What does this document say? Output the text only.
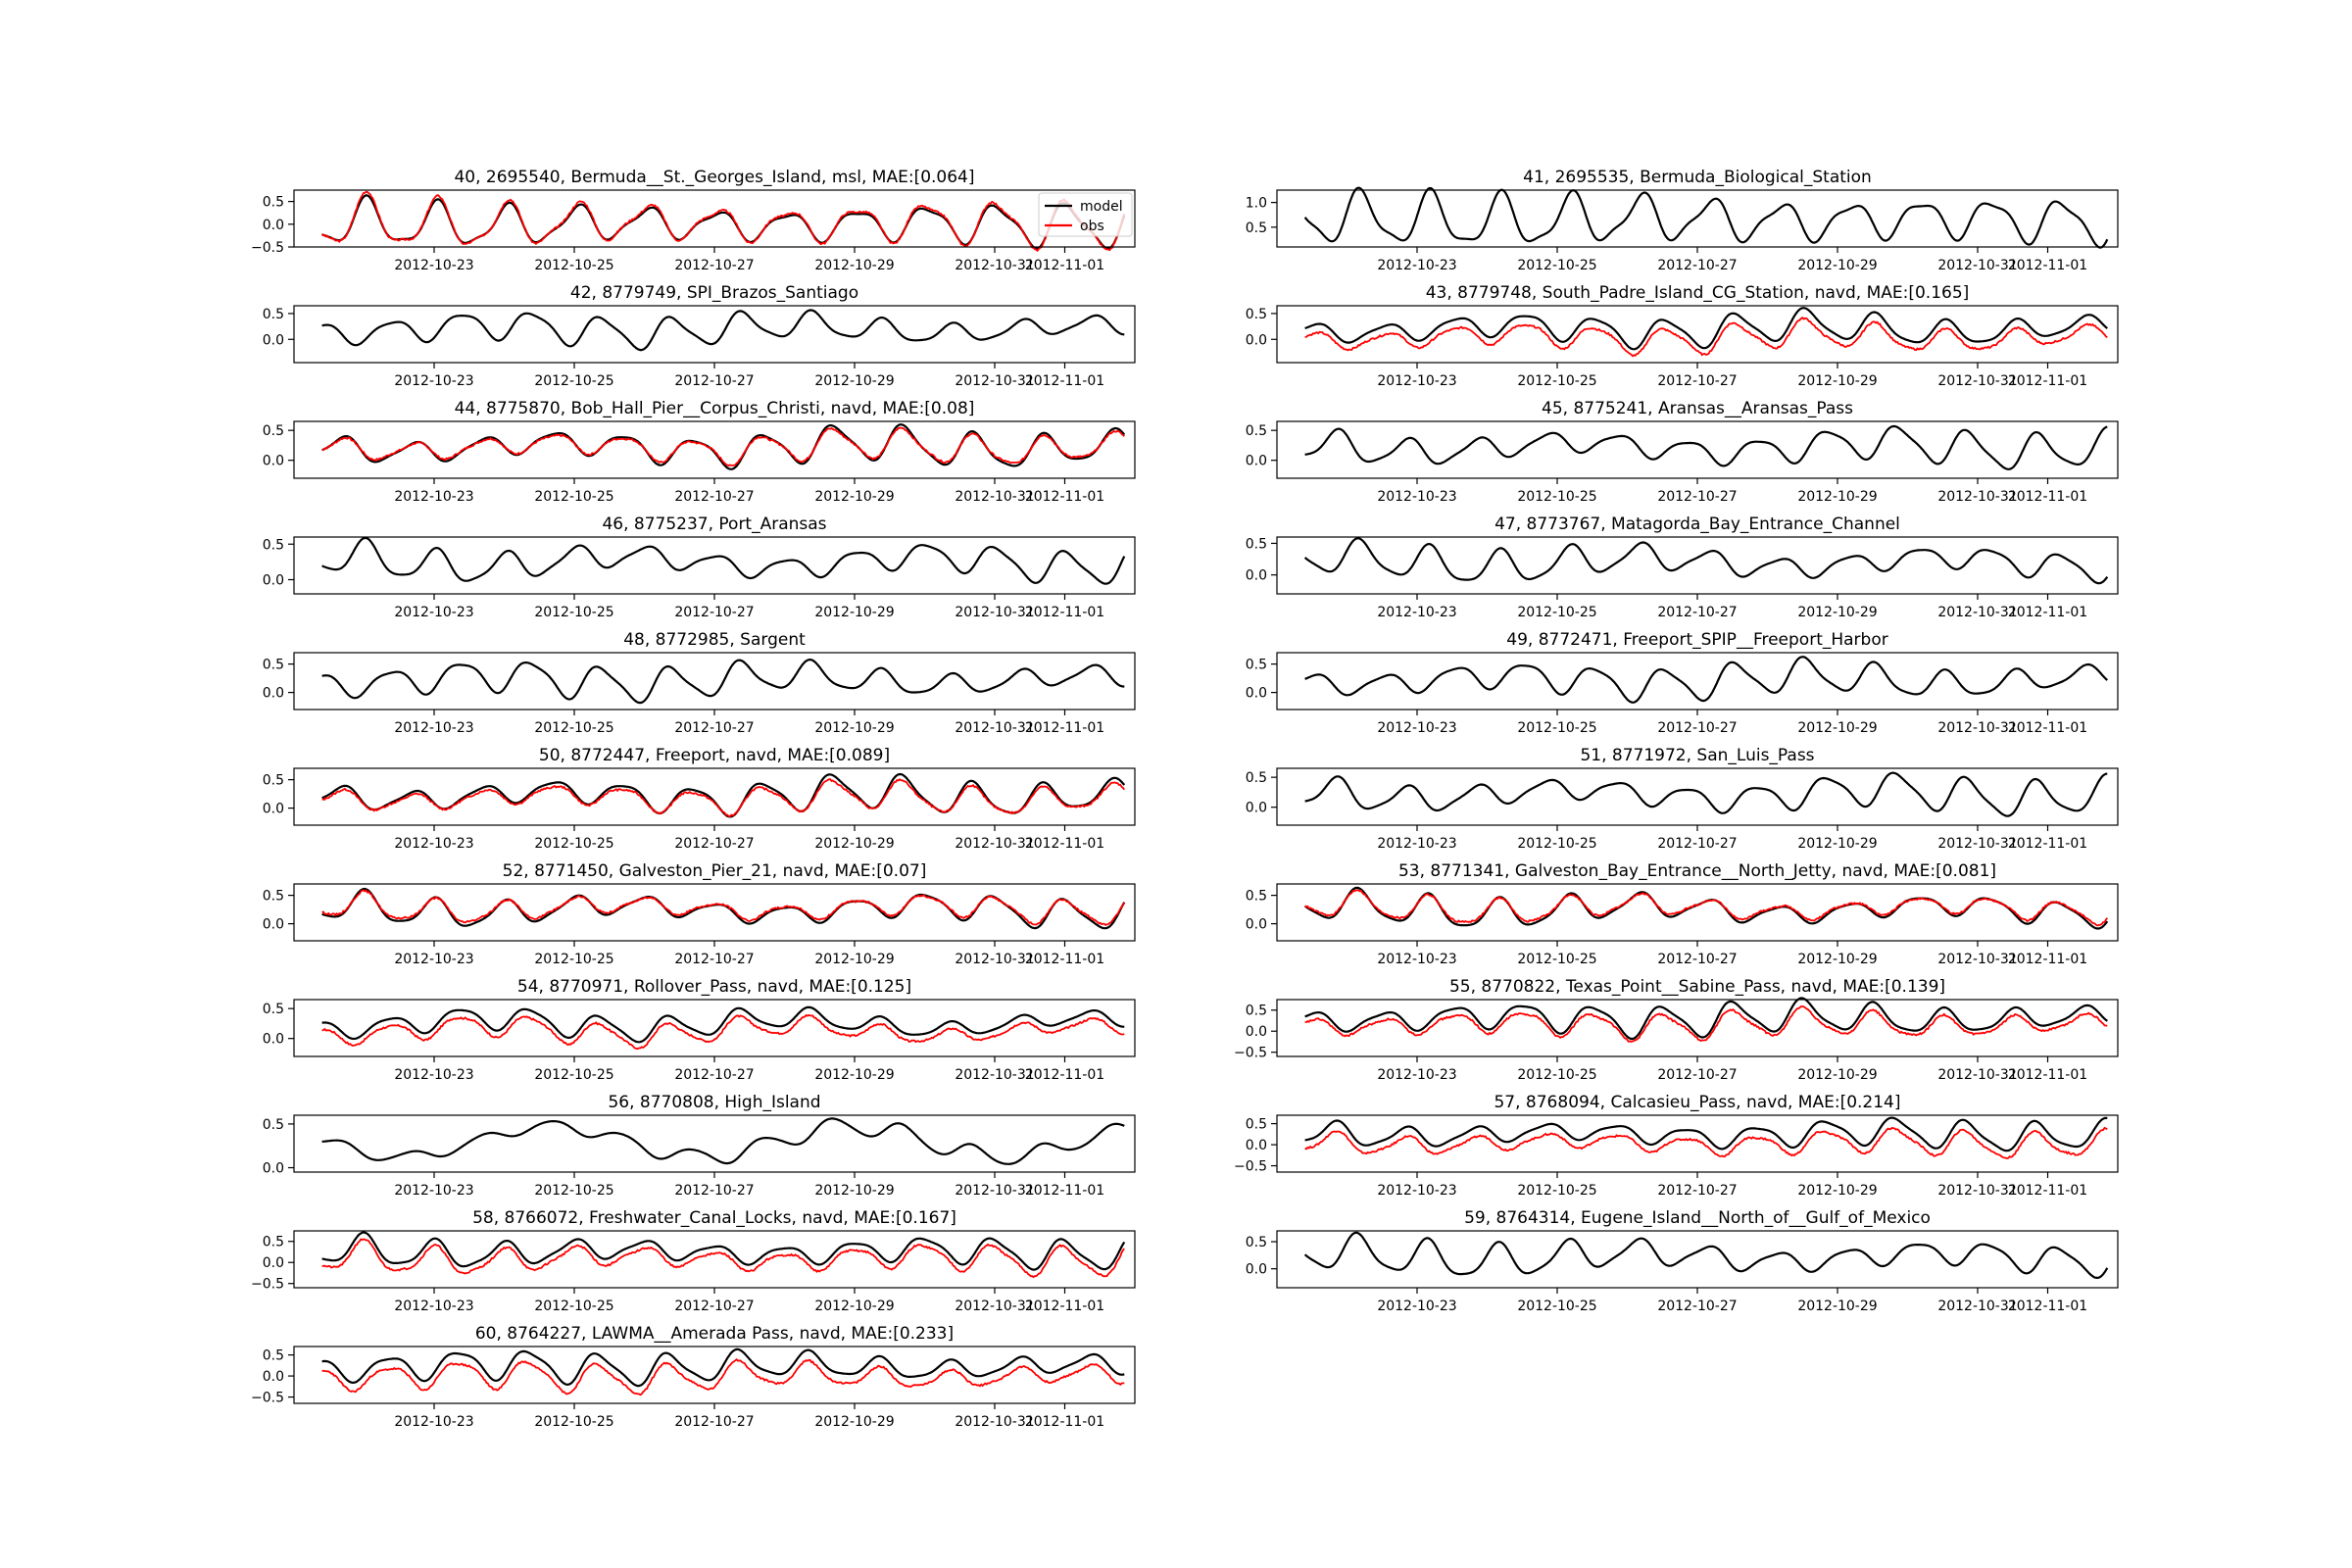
40, 2695540, Bermuda__St._Georges_Island, msl, MAE:[0.064]
0.5
0.0
−0.5
2012-10-23	2012-10-25	2012-10-27	2012-10-29	2012-10-31
2012-11-01
model
obs
41, 2695535, Bermuda_Biological_Station
1.0
0.5
2012-10-23	2012-10-25	2012-10-27	2012-10-29	2012-10-31
2012-11-01
42, 8779749, SPI_Brazos_Santiago
0.5
0.0
2012-10-23	2012-10-25	2012-10-27	2012-10-29	2012-10-31
2012-11-01
43, 8779748, South_Padre_Island_CG_Station, navd, MAE:[0.165]
0.5
0.0
2012-10-23	2012-10-25	2012-10-27	2012-10-29	2012-10-31
2012-11-01
44, 8775870, Bob_Hall_Pier__Corpus_Christi, navd, MAE:[0.08]
0.5
0.0
2012-10-23	2012-10-25	2012-10-27	2012-10-29	2012-10-31
2012-11-01
45, 8775241, Aransas__Aransas_Pass
0.5
0.0
2012-10-23	2012-10-25	2012-10-27	2012-10-29	2012-10-31
2012-11-01
46, 8775237, Port_Aransas
0.5
0.0
2012-10-23	2012-10-25	2012-10-27	2012-10-29	2012-10-31
2012-11-01
47, 8773767, Matagorda_Bay_Entrance_Channel
0.5
0.0
2012-10-23	2012-10-25	2012-10-27	2012-10-29	2012-10-31
2012-11-01
48, 8772985, Sargent
0.5
0.0
2012-10-23	2012-10-25	2012-10-27	2012-10-29	2012-10-31
2012-11-01
49, 8772471, Freeport_SPIP__Freeport_Harbor
0.5
0.0
2012-10-23	2012-10-25	2012-10-27	2012-10-29	2012-10-31
2012-11-01
50, 8772447, Freeport, navd, MAE:[0.089]
0.5
0.0
2012-10-23	2012-10-25	2012-10-27	2012-10-29	2012-10-31
2012-11-01
51, 8771972, San_Luis_Pass
0.5
0.0
2012-10-23	2012-10-25	2012-10-27	2012-10-29	2012-10-31
2012-11-01
52, 8771450, Galveston_Pier_21, navd, MAE:[0.07]
0.5
0.0
2012-10-23	2012-10-25	2012-10-27	2012-10-29	2012-10-31
2012-11-01
53, 8771341, Galveston_Bay_Entrance__North_Jetty, navd, MAE:[0.081]
0.5
0.0
2012-10-23	2012-10-25	2012-10-27	2012-10-29	2012-10-31
2012-11-01
54, 8770971, Rollover_Pass, navd, MAE:[0.125]
0.5
0.0
2012-10-23	2012-10-25	2012-10-27	2012-10-29	2012-10-31
2012-11-01
55, 8770822, Texas_Point__Sabine_Pass, navd, MAE:[0.139]
0.5
0.0
−0.5
2012-10-23	2012-10-25	2012-10-27	2012-10-29	2012-10-31
2012-11-01
56, 8770808, High_Island
0.5
0.0
2012-10-23	2012-10-25	2012-10-27	2012-10-29	2012-10-31
2012-11-01
57, 8768094, Calcasieu_Pass, navd, MAE:[0.214]
0.5
0.0
−0.5
2012-10-23	2012-10-25	2012-10-27	2012-10-29	2012-10-31
2012-11-01
58, 8766072, Freshwater_Canal_Locks, navd, MAE:[0.167]
0.5
0.0
−0.5
2012-10-23	2012-10-25	2012-10-27	2012-10-29	2012-10-31
2012-11-01
59, 8764314, Eugene_Island__North_of__Gulf_of_Mexico
0.5
0.0
2012-10-23	2012-10-25	2012-10-27	2012-10-29	2012-10-31
2012-11-01
60, 8764227, LAWMA__Amerada Pass, navd, MAE:[0.233]
0.5
0.0
−0.5
2012-10-23	2012-10-25	2012-10-27	2012-10-29	2012-10-31
2012-11-01
